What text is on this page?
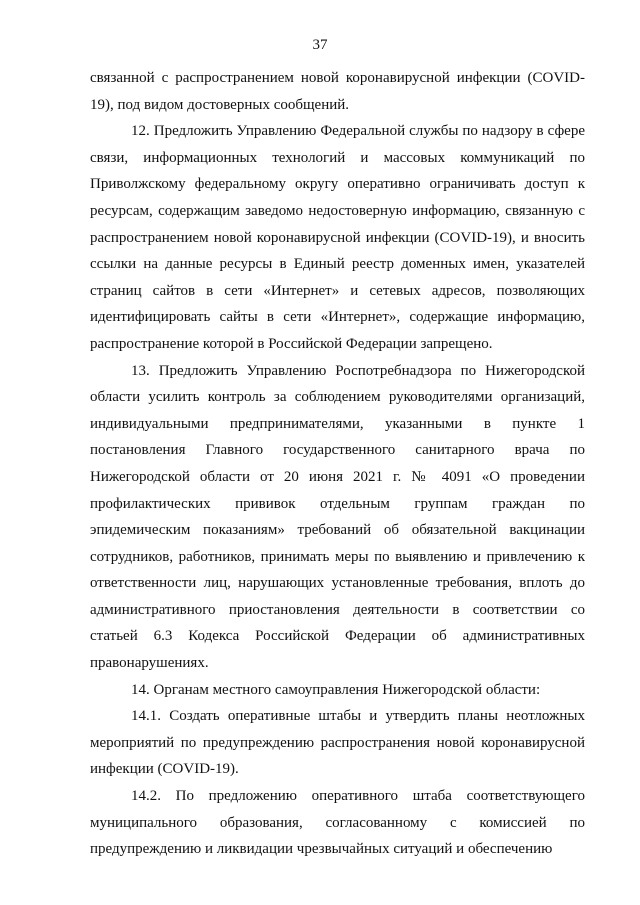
37

связанной с распространением новой коронавирусной инфекции (COVID-19), под видом достоверных сообщений.

12. Предложить Управлению Федеральной службы по надзору в сфере связи, информационных технологий и массовых коммуникаций по Приволжскому федеральному округу оперативно ограничивать доступ к ресурсам, содержащим заведомо недостоверную информацию, связанную с распространением новой коронавирусной инфекции (COVID-19), и вносить ссылки на данные ресурсы в Единый реестр доменных имен, указателей страниц сайтов в сети «Интернет» и сетевых адресов, позволяющих идентифицировать сайты в сети «Интернет», содержащие информацию, распространение которой в Российской Федерации запрещено.

13. Предложить Управлению Роспотребнадзора по Нижегородской области усилить контроль за соблюдением руководителями организаций, индивидуальными предпринимателями, указанными в пункте 1 постановления Главного государственного санитарного врача по Нижегородской области от 20 июня 2021 г. № 4091 «О проведении профилактических прививок отдельным группам граждан по эпидемическим показаниям» требований об обязательной вакцинации сотрудников, работников, принимать меры по выявлению и привлечению к ответственности лиц, нарушающих установленные требования, вплоть до административного приостановления деятельности в соответствии со статьей 6.3 Кодекса Российской Федерации об административных правонарушениях.

14. Органам местного самоуправления Нижегородской области:

14.1. Создать оперативные штабы и утвердить планы неотложных мероприятий по предупреждению распространения новой коронавирусной инфекции (COVID-19).

14.2. По предложению оперативного штаба соответствующего муниципального образования, согласованному с комиссией по предупреждению и ликвидации чрезвычайных ситуаций и обеспечению
